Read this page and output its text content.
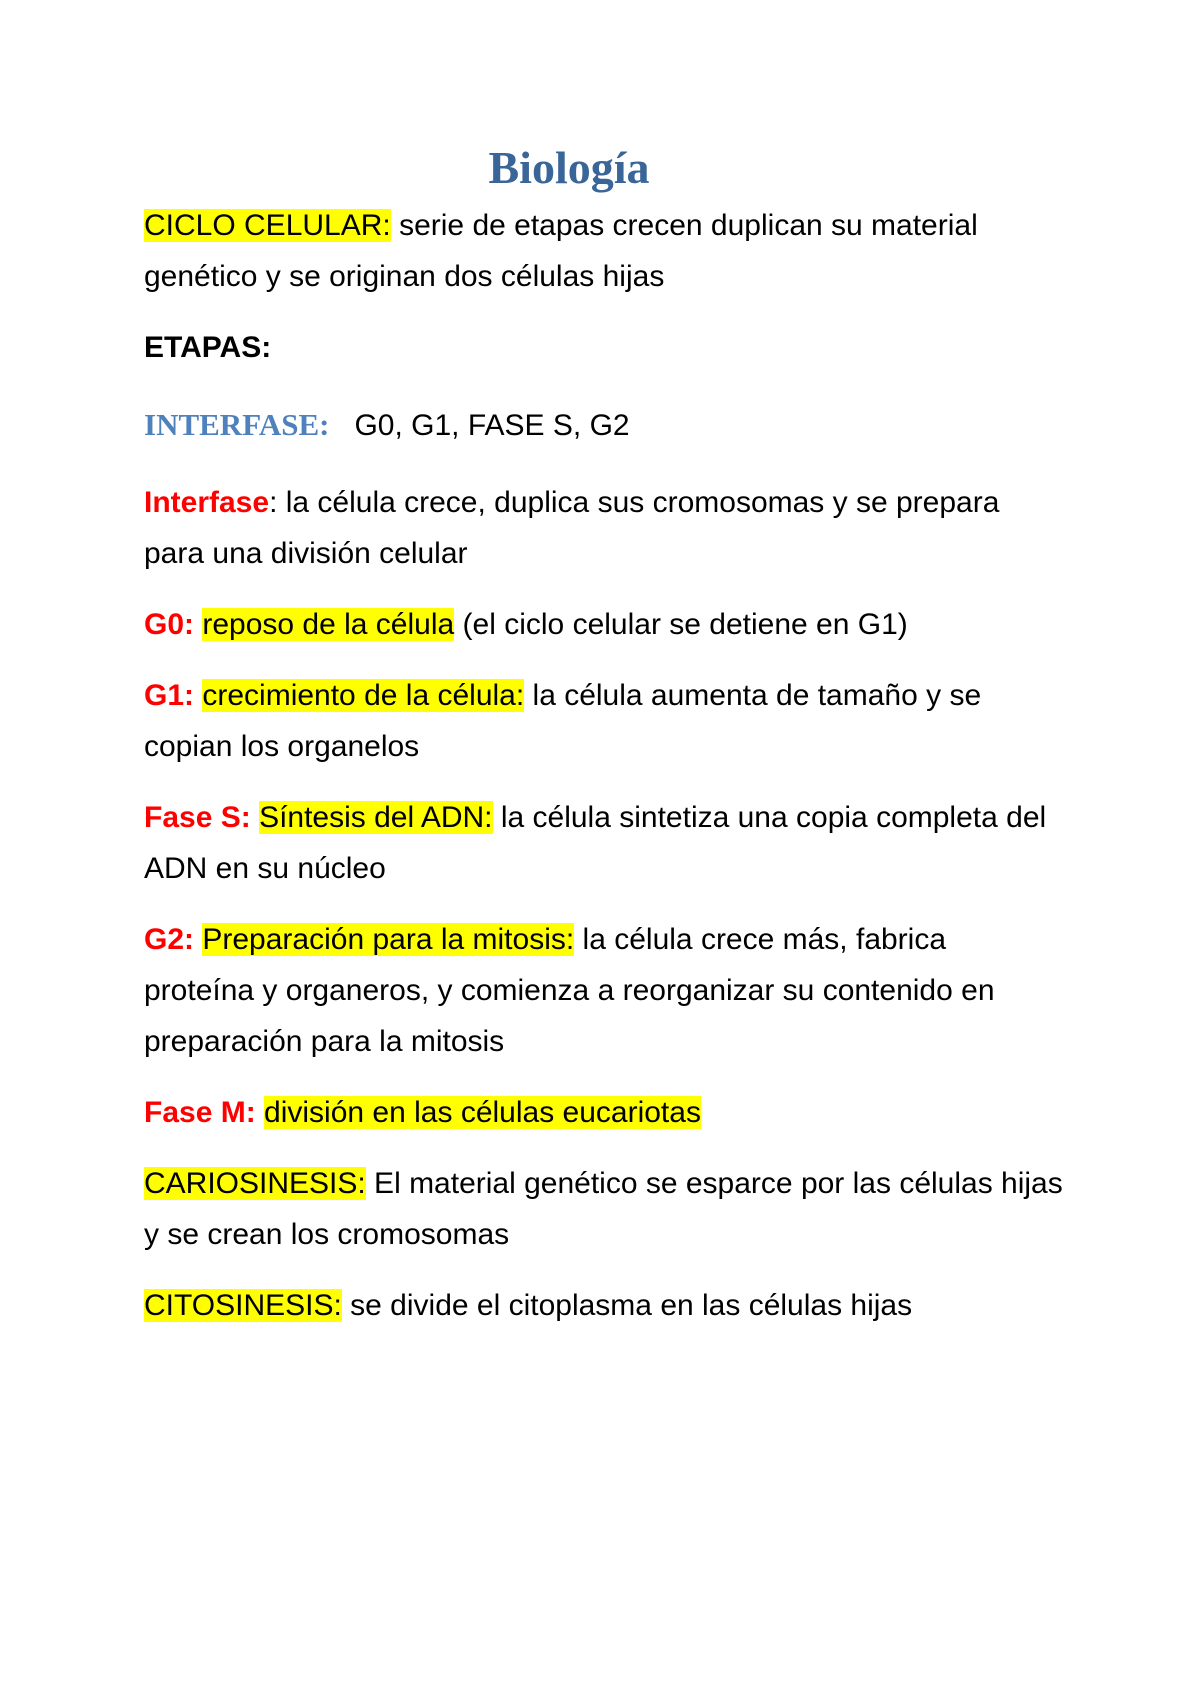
Biología

CICLO CELULAR: serie de etapas crecen duplican su material genético y se originan dos células hijas

ETAPAS:

INTERFASE:   G0, G1, FASE S, G2

Interfase: la célula crece, duplica sus cromosomas y se prepara para una división celular

G0: reposo de la célula (el ciclo celular se detiene en G1)

G1: crecimiento de la célula: la célula aumenta de tamaño y se copian los organelos

Fase S: Síntesis del ADN: la célula sintetiza una copia completa del ADN en su núcleo

G2: Preparación para la mitosis: la célula crece más, fabrica proteína y organeros, y comienza a reorganizar su contenido en preparación para la mitosis

Fase M: división en las células eucariotas

CARIOSINESIS: El material genético se esparce por las células hijas y se crean los cromosomas

CITOSINESIS: se divide el citoplasma en las células hijas
